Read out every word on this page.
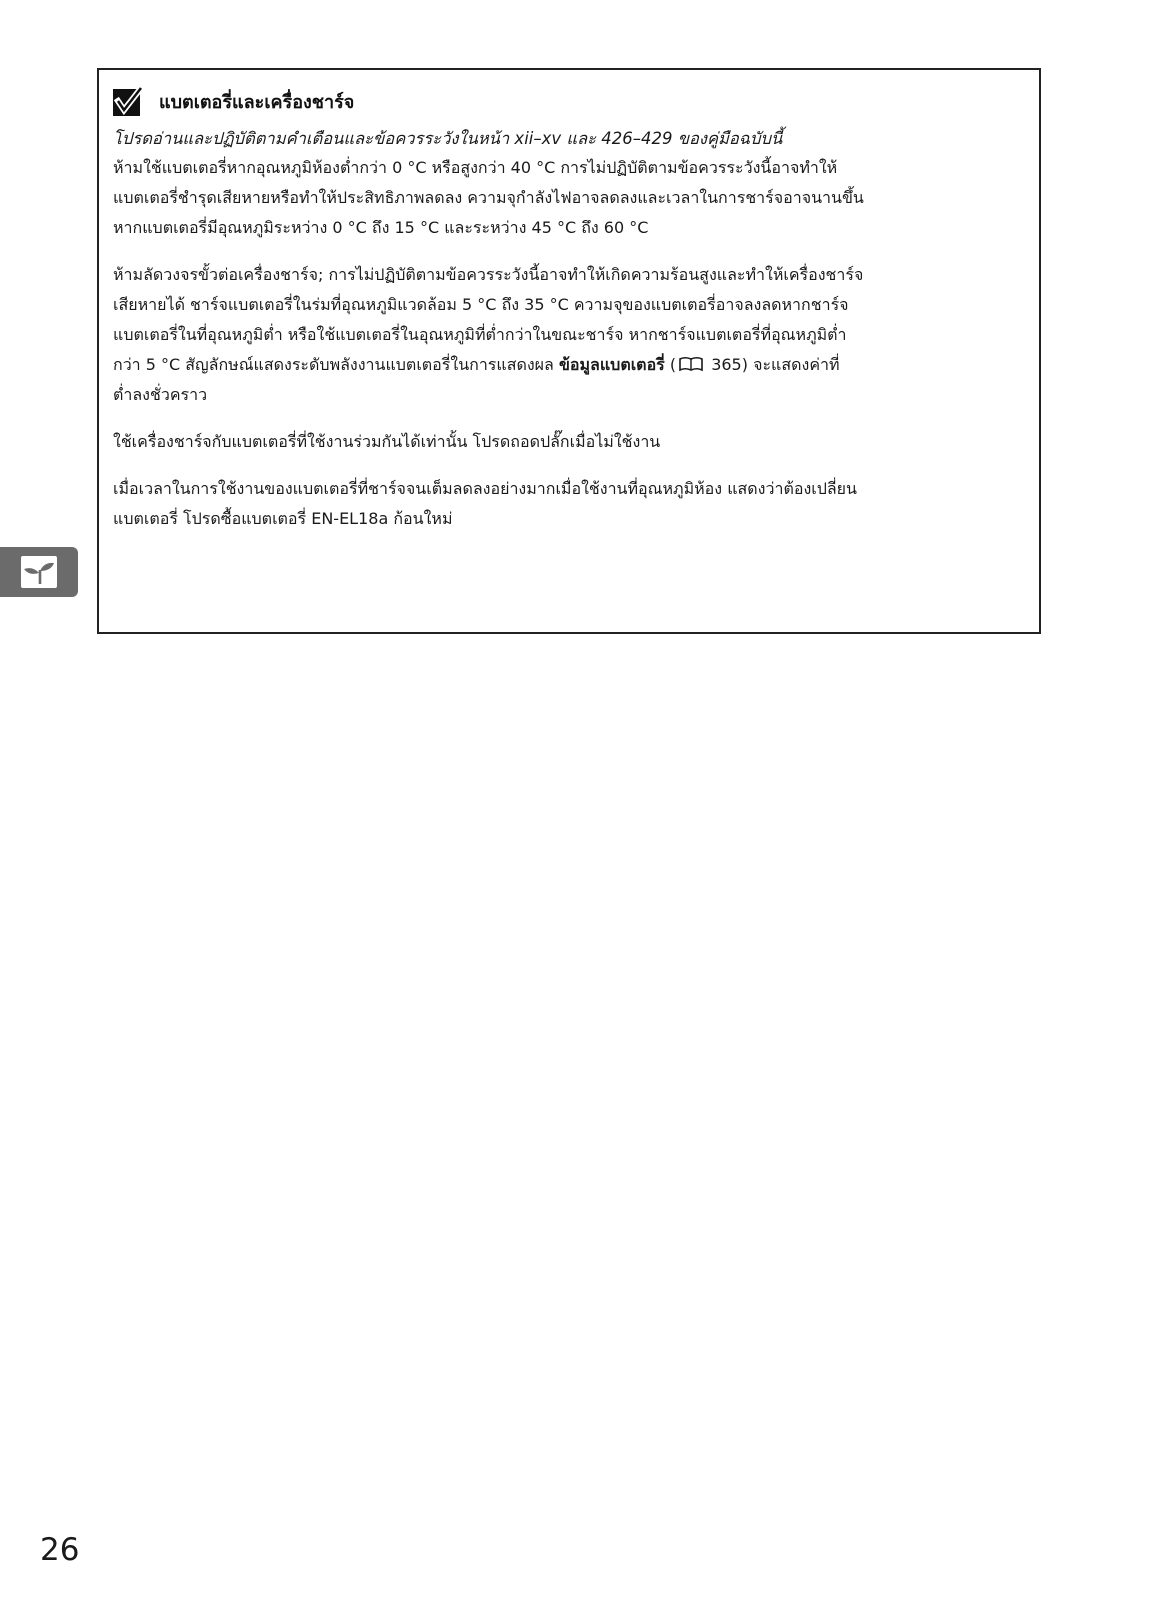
แบตเตอรี่และเครื่องชาร์จ
โปรดอ่านและปฏิบัติตามคำเตือนและข้อควรระวังในหน้า xii–xv และ 426–429 ของคู่มือฉบับนี้

ห้ามใช้แบตเตอรี่หากอุณหภูมิห้องต่ำกว่า 0 °C หรือสูงกว่า 40 °C การไม่ปฏิบัติตามข้อควรระวังนี้อาจทำให้
แบตเตอรี่ชำรุดเสียหายหรือทำให้ประสิทธิภาพลดลง ความจุกำลังไฟอาจลดลงและเวลาในการชาร์จอาจนานขึ้น
หากแบตเตอรี่มีอุณหภูมิระหว่าง 0 °C ถึง 15 °C และระหว่าง 45 °C ถึง 60 °C

ห้ามลัดวงจรขั้วต่อเครื่องชาร์จ; การไม่ปฏิบัติตามข้อควรระวังนี้อาจทำให้เกิดความร้อนสูงและทำให้เครื่องชาร์จ
เสียหายได้ ชาร์จแบตเตอรี่ในร่มที่อุณหภูมิแวดล้อม 5 °C ถึง 35 °C ความจุของแบตเตอรี่อาจลงลดหากชาร์จ
แบตเตอรี่ในที่อุณหภูมิต่ำ หรือใช้แบตเตอรี่ในอุณหภูมิที่ต่ำกว่าในขณะชาร์จ หากชาร์จแบตเตอรี่ที่อุณหภูมิต่ำ
กว่า 5 °C สัญลักษณ์แสดงระดับพลังงานแบตเตอรี่ในการแสดงผล ข้อมูลแบตเตอรี่ ( 365) จะแสดงค่าที่
ต่ำลงชั่วคราว

ใช้เครื่องชาร์จกับแบตเตอรี่ที่ใช้งานร่วมกันได้เท่านั้น โปรดถอดปลั๊กเมื่อไม่ใช้งาน

เมื่อเวลาในการใช้งานของแบตเตอรี่ที่ชาร์จจนเต็มลดลงอย่างมากเมื่อใช้งานที่อุณหภูมิห้อง แสดงว่าต้องเปลี่ยน
แบตเตอรี่ โปรดซื้อแบตเตอรี่ EN-EL18a ก้อนใหม่

26
